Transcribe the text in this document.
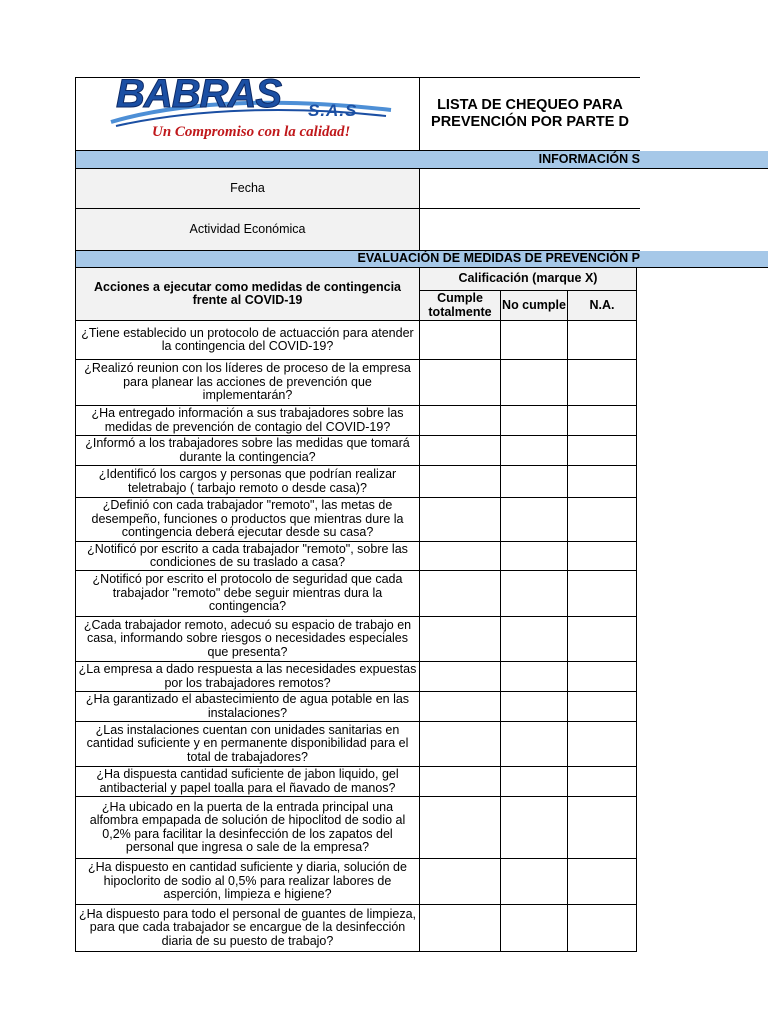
BABRAS S.A.S
Un Compromiso con la calidad!
LISTA DE CHEQUEO PARA
PREVENCIÓN POR PARTE D
INFORMACIÓN S
Fecha
Actividad Económica
EVALUACIÓN DE MEDIDAS DE PREVENCIÓN P
Acciones a ejecutar como medidas de contingencia frente al COVID-19
Calificación (marque X)
Cumple totalmente No cumple	N.A.
¿Tiene establecido un protocolo de actuacción para atender la contingencia del COVID-19?
¿Realizó reunion con los líderes de proceso de la empresa para planear las acciones de prevención que implementarán?
¿Ha entregado información a sus trabajadores sobre las medidas de prevención de contagio del COVID-19?
¿Informó a los trabajadores sobre las medidas que tomará durante la contingencia?
¿Identificó los cargos y personas que podrían realizar teletrabajo ( tarbajo remoto o desde casa)?
¿Definió con cada trabajador "remoto", las metas de desempeño, funciones o productos que mientras dure la contingencia deberá ejecutar desde su casa?
¿Notificó por escrito a cada trabajador "remoto", sobre las condiciones de su traslado a casa?
¿Notificó por escrito el protocolo de seguridad que cada trabajador "remoto" debe seguir mientras dura la contingencia?
¿Cada trabajador remoto, adecuó su espacio de trabajo en casa, informando sobre riesgos o necesidades especiales que presenta?
¿La empresa a dado respuesta a las necesidades expuestas por los trabajadores remotos?
¿Ha garantizado el abastecimiento de agua potable en las instalaciones?
¿Las instalaciones cuentan con unidades sanitarias en cantidad suficiente y en permanente disponibilidad para el total de trabajadores?
¿Ha dispuesta cantidad suficiente de jabon liquido, gel antibacterial y papel toalla para el ñavado de manos?
¿Ha ubicado en la puerta de la entrada principal una alfombra empapada de solución de hipoclitod de sodio al 0,2% para facilitar la desinfección de los zapatos del personal que ingresa o sale de la empresa?
¿Ha dispuesto en cantidad suficiente y diaria, solución de hipoclorito de sodio al 0,5% para realizar labores de asperción, limpieza e higiene?
¿Ha dispuesto para todo el personal de guantes de limpieza, para que cada trabajador se encargue de la desinfección diaria de su puesto de trabajo?
